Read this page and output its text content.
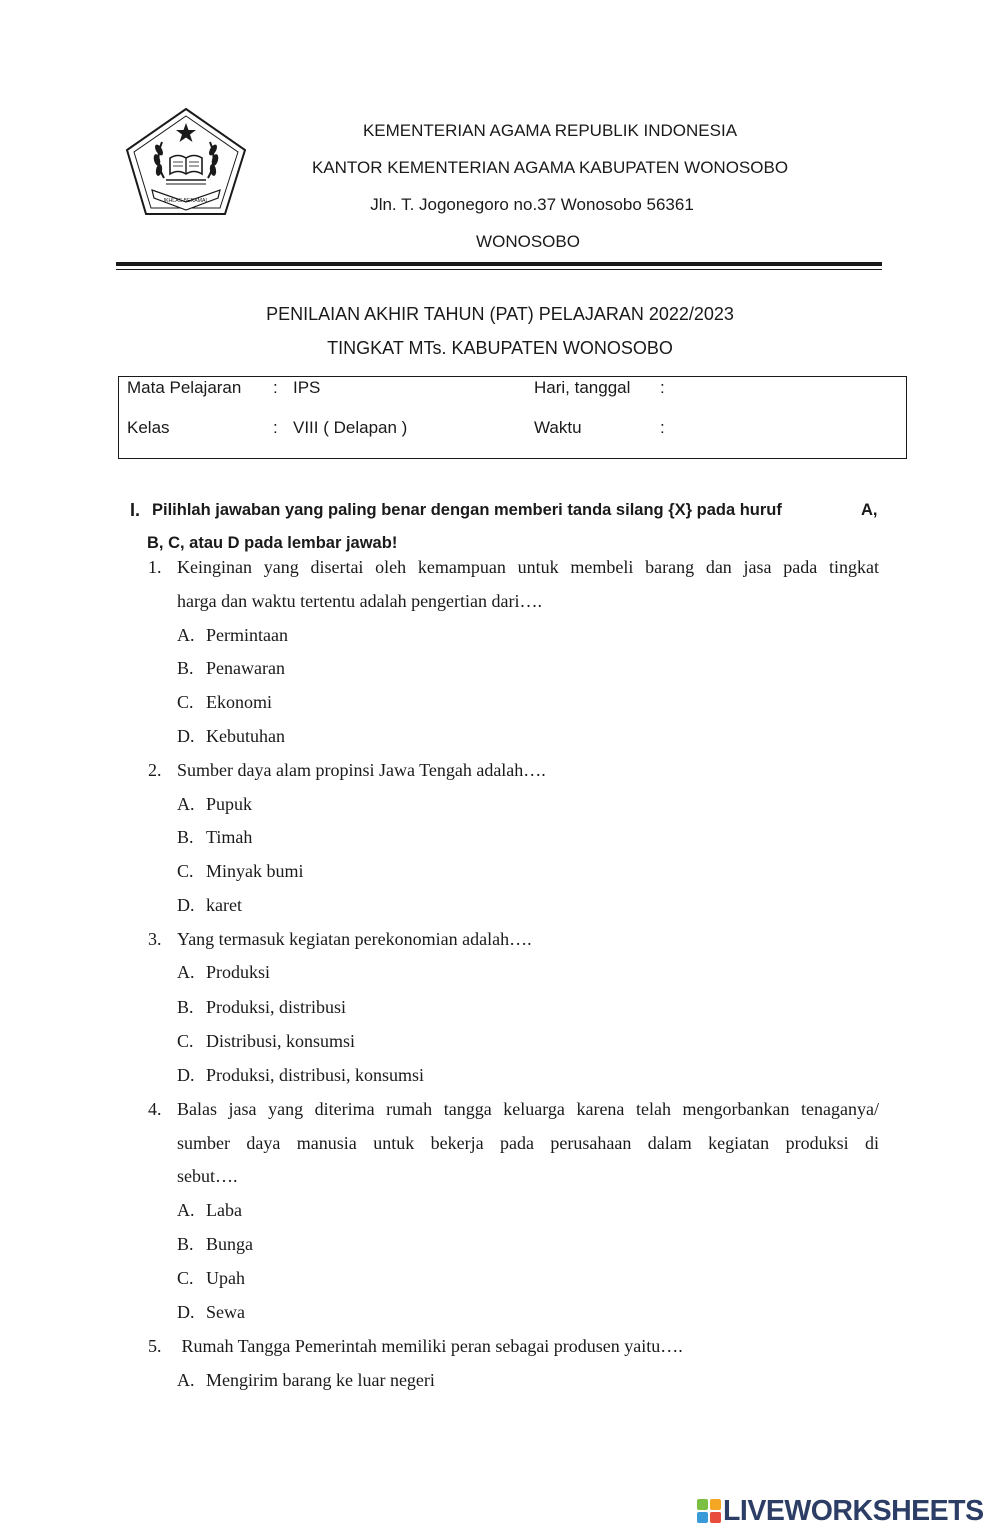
IKHLAS BERAMAL
KEMENTERIAN AGAMA REPUBLIK INDONESIA
KANTOR KEMENTERIAN AGAMA KABUPATEN WONOSOBO
Jln. T. Jogonegoro no.37 Wonosobo 56361
WONOSOBO
PENILAIAN AKHIR TAHUN (PAT) PELAJARAN 2022/2023
TINGKAT MTs. KABUPATEN WONOSOBO
Mata Pelajaran : IPS	Hari, tanggal :
Kelas	: VIII ( Delapan )	Waktu	:
I. Pilihlah jawaban yang paling benar dengan memberi tanda silang {X} pada huruf	A,
B, C, atau D pada lembar jawab!
1. Keinginan yang disertai oleh kemampuan untuk membeli barang dan jasa pada tingkat
harga dan waktu tertentu adalah pengertian dari….
A. Permintaan
B. Penawaran
C. Ekonomi
D. Kebutuhan
2. Sumber daya alam propinsi Jawa Tengah adalah….
A. Pupuk
B. Timah
C. Minyak bumi
D. karet
3. Yang termasuk kegiatan perekonomian adalah….
A. Produksi
B. Produksi, distribusi
C. Distribusi, konsumsi
D. Produksi, distribusi, konsumsi
4. Balas jasa yang diterima rumah tangga keluarga karena telah mengorbankan tenaganya/
sumber daya manusia untuk bekerja pada perusahaan dalam kegiatan produksi di
sebut….
A. Laba
B. Bunga
C. Upah
D. Sewa
5. Rumah Tangga Pemerintah memiliki peran sebagai produsen yaitu….
A. Mengirim barang ke luar negeri
LIVEWORKSHEETS
